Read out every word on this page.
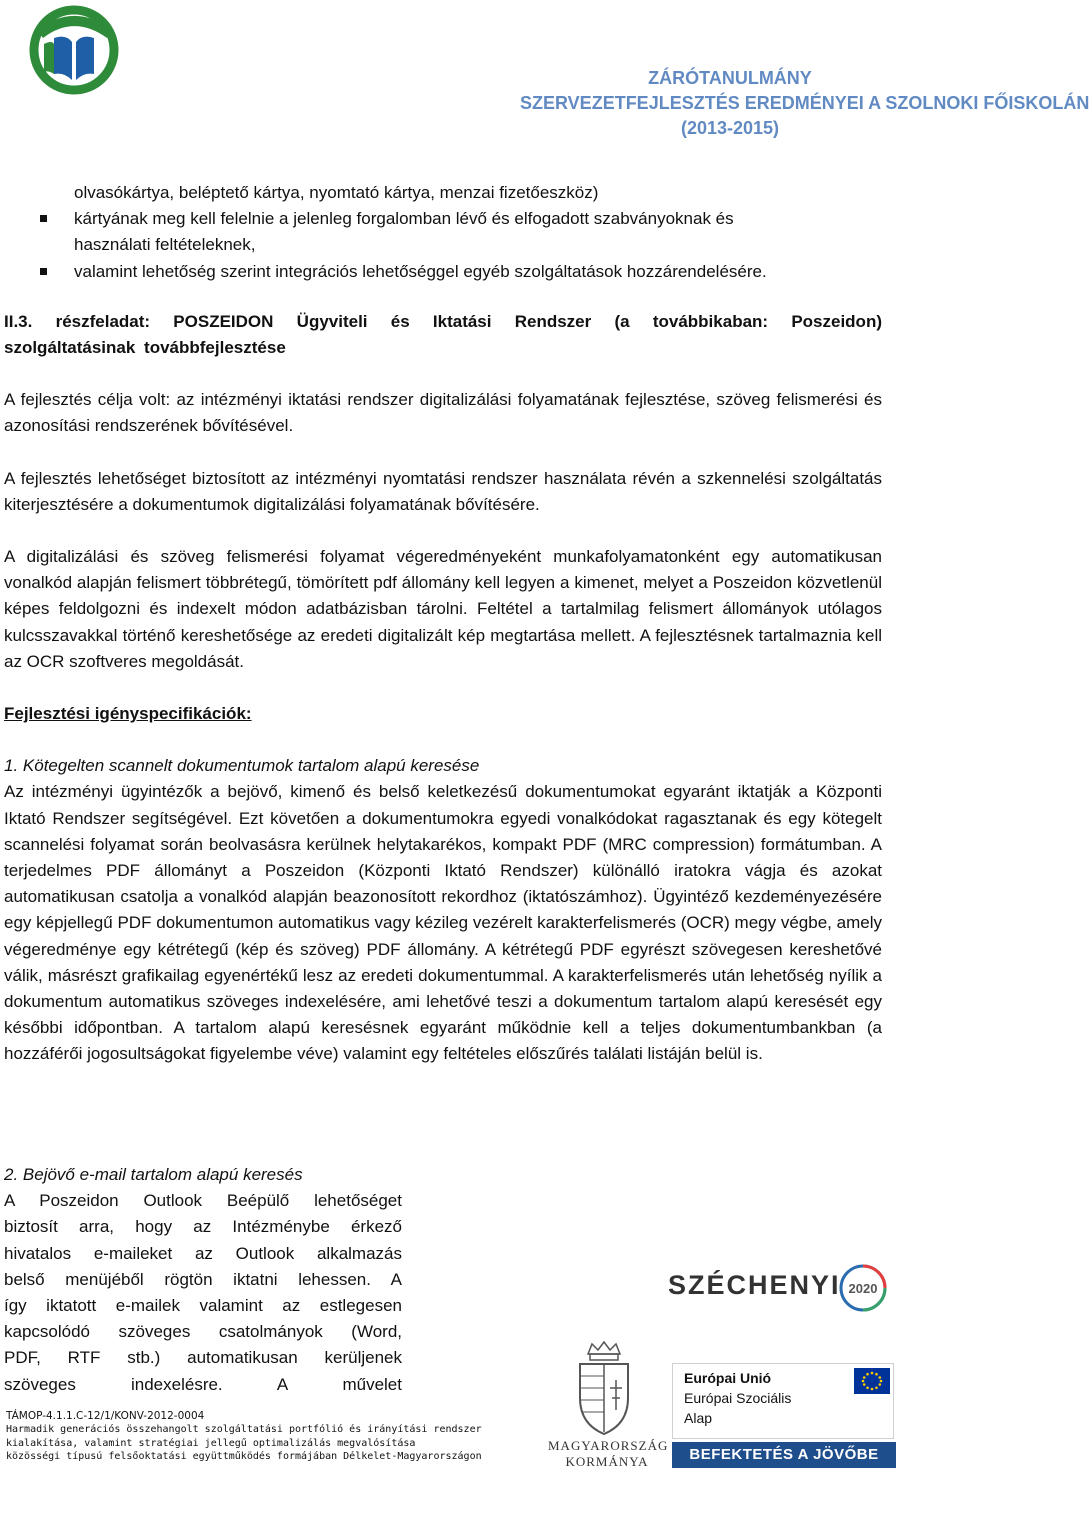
ZÁRÓTANULMÁNY
SZERVEZETFEJLESZTÉS EREDMÉNYEI A SZOLNOKI FŐISKOLÁN
(2013-2015)
olvasókártya, beléptető kártya, nyomtató kártya, menzai fizetőeszköz)
kártyának meg kell felelnie a jelenleg forgalomban lévő és elfogadott szabványoknak és
használati feltételeknek,
valamint lehetőség szerint integrációs lehetőséggel egyéb szolgáltatások hozzárendelésére.
II.3. részfeladat: POSZEIDON Ügyviteli és Iktatási Rendszer (a továbbikaban: Poszeidon) szolgáltatásinak továbbfejlesztése
A fejlesztés célja volt: az intézményi iktatási rendszer digitalizálási folyamatának fejlesztése, szöveg felismerési és azonosítási rendszerének bővítésével.
A fejlesztés lehetőséget biztosított az intézményi nyomtatási rendszer használata révén a szkennelési szolgáltatás kiterjesztésére a dokumentumok digitalizálási folyamatának bővítésére.
A digitalizálási és szöveg felismerési folyamat végeredményeként munkafolyamatonként egy automatikusan vonalkód alapján felismert többrétegű, tömörített pdf állomány kell legyen a kimenet, melyet a Poszeidon közvetlenül képes feldolgozni és indexelt módon adatbázisban tárolni. Feltétel a tartalmilag felismert állományok utólagos kulcsszavakkal történő kereshetősége az eredeti digitalizált kép megtartása mellett. A fejlesztésnek tartalmaznia kell az OCR szoftveres megoldását.
Fejlesztési igényspecifikációk:
1. Kötegelten scannelt dokumentumok tartalom alapú keresése
Az intézményi ügyintézők a bejövő, kimenő és belső keletkezésű dokumentumokat egyaránt iktatják a Központi Iktató Rendszer segítségével. Ezt követően a dokumentumokra egyedi vonalkódokat ragasztanak és egy kötegelt scannelési folyamat során beolvasásra kerülnek helytakarékos, kompakt PDF (MRC compression) formátumban. A terjedelmes PDF állományt a Poszeidon (Központi Iktató Rendszer) különálló iratokra vágja és azokat automatikusan csatolja a vonalkód alapján beazonosított rekordhoz (iktatószámhoz). Ügyintéző kezdeményezésére egy képjellegű PDF dokumentumon automatikus vagy kézileg vezérelt karakterfelismerés (OCR) megy végbe, amely végeredménye egy kétrétegű (kép és szöveg) PDF állomány. A kétrétegű PDF egyrészt szövegesen kereshetővé válik, másrészt grafikailag egyenértékű lesz az eredeti dokumentummal. A karakterfelismerés után lehetőség nyílik a dokumentum automatikus szöveges indexelésére, ami lehetővé teszi a dokumentum tartalom alapú keresését egy későbbi időpontban. A tartalom alapú keresésnek egyaránt működnie kell a teljes dokumentumbankban (a hozzáférői jogosultságokat figyelembe véve) valamint egy feltételes előszűrés találati listáján belül is.
2. Bejövő e-mail tartalom alapú keresés
A Poszeidon Outlook Beépülő lehetőséget
biztosít arra, hogy az Intézménybe érkező
hivatalos e-maileket az Outlook alkalmazás
belső menüjéből rögtön iktatni lehessen. A
így iktatott e-mailek valamint az estlegesen
kapcsolódó szöveges csatolmányok (Word,
PDF, RTF stb.) automatikusan kerüljenek
szöveges indexelésre. A művelet
TÁMOP-4.1.1.C-12/1/KONV-2012-0004
Harmadik generációs összehangolt szolgáltatási portfólió és irányítási rendszer
kialakítása, valamint stratégiai jellegű optimalizálás megvalósítása
közösségi típusú felsőoktatási együttműködés formájában Délkelet-Magyarországon
SZÉCHENYI 2020
MAGYARORSZÁG
KORMÁNYA
Európai Unió
Európai Szociális
Alap
BEFEKTETÉS A JÖVŐBE
